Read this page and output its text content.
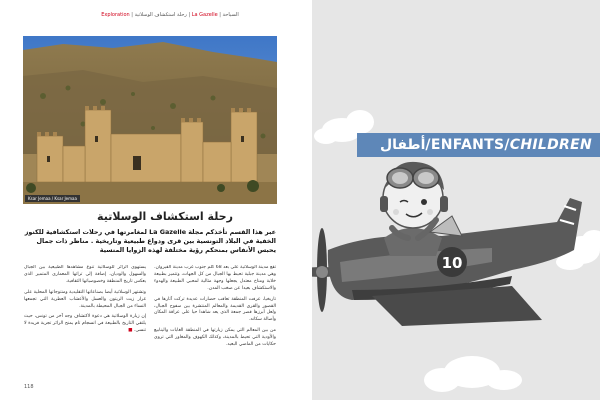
السياحة | La Gazelle | رحلة استكشاف الوسلاتية | Exploration
Ksar Jemaa / Ksar Jemaa
رحلة استكشاف الوسلاتية
عبر هذا القسم تأخذكم مجلة La Gazelle لمغامرتها في رحلات استكشافية للكنوز الخفية في البلاد التونسية بين قرى ودواع طبيعية وتاريخية . مناظر ذات جمال يحبس الأنفاس بمنحكم رؤية مختلفة لهذه الزوايا المنسية

تقع مدينة الوسلاتية على بعد 68 كلم جنوب غرب مدينة القيروان. وهي مدينة جبلية تحيط بها الجبال من كل الجهات، وتتميز بطبيعة خلابة ومناخ معتدل يجعلها وجهة مثالية لمحبي الطبيعة والهدوء والاستكشاف بعيدا عن صخب المدن.

تاريخيا، عرفت المنطقة تعاقب حضارات عديدة تركت آثارها في القصور والقرى القديمة والمعالم المنتشرة بين سفوح الجبال، ولعل أبرزها قصر جمعة الذي يعد شاهدا حيا على عراقة المكان وأصالة سكانه.

من بين المعالم التي يمكن زيارتها في المنطقة الغابات والينابيع والأودية التي تحيط بالمدينة، وكذلك الكهوف والمغاور التي تروي حكايات من الماضي البعيد.

يستهوي الزائر للوسلاتية تنوع مشاهدها الطبيعية بين الجبال والسهول والوديان، إضافة إلى تراثها المعماري المتميز الذي يعكس تاريخ المنطقة وخصوصياتها الثقافية.

وتشتهر الوسلاتية أيضا بصناعاتها التقليدية ومنتوجاتها المحلية على غرار زيت الزيتون والعسل والأعشاب العطرية التي تجمعها النساء من الجبال المحيطة بالمدينة.

إن زيارة الوسلاتية هي دعوة لاكتشاف وجه آخر من تونس، حيث يلتقي التاريخ بالطبيعة في انسجام تام يمنح الزائر تجربة فريدة لا تنسى. ■

118
10
أطفال / ENFANTS / CHILDREN
